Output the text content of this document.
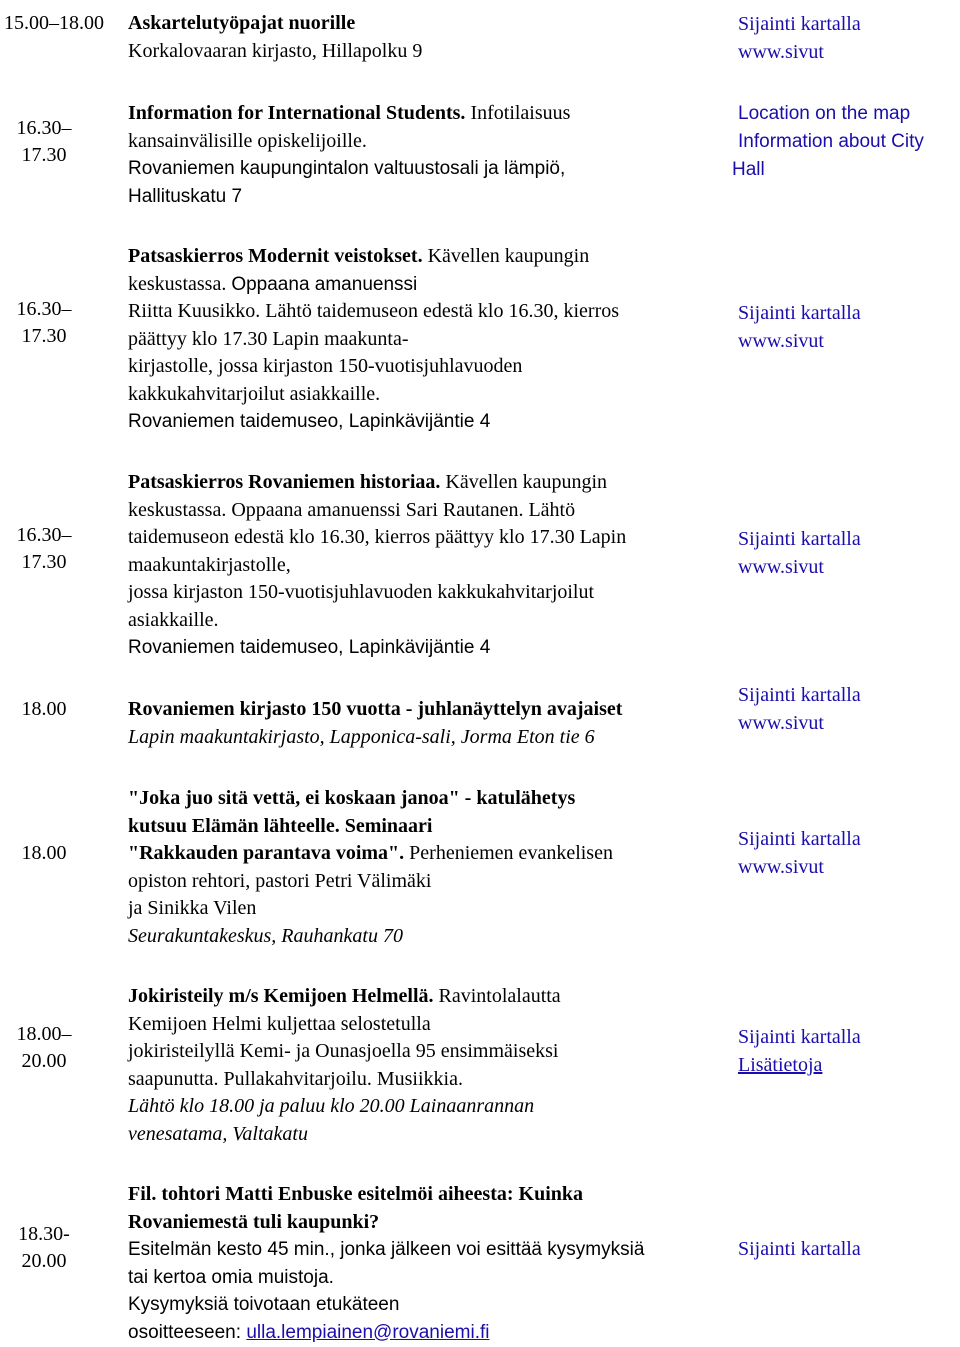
15.00–18.00	Askartelutyöpajat nuorille
Korkalovaaran kirjasto, Hillapolku 9
Sijainti kartalla
www.sivut
16.30–
17.30
Information for International Students. Infotilaisuus
kansainvälisille opiskelijoille.
Rovaniemen kaupungintalon valtuustosali ja lämpiö,
Hallituskatu 7
Location on the map
Information about City
Hall
16.30–
17.30
Patsaskierros Modernit veistokset. Kävellen kaupungin
keskustassa. Oppaana amanuenssi
Riitta Kuusikko. Lähtö taidemuseon edestä klo 16.30, kierros
päättyy klo 17.30 Lapin maakunta-
kirjastolle, jossa kirjaston 150-vuotisjuhlavuoden
kakkukahvitarjoilut asiakkaille.
Rovaniemen taidemuseo, Lapinkävijäntie 4
Sijainti kartalla
www.sivut
16.30–
17.30
Patsaskierros Rovaniemen historiaa. Kävellen kaupungin
keskustassa. Oppaana amanuenssi Sari Rautanen. Lähtö
taidemuseon edestä klo 16.30, kierros päättyy klo 17.30 Lapin
maakuntakirjastolle,
jossa kirjaston 150-vuotisjuhlavuoden kakkukahvitarjoilut
asiakkaille.
Rovaniemen taidemuseo, Lapinkävijäntie 4
Sijainti kartalla
www.sivut
18.00	Rovaniemen kirjasto 150 vuotta - juhlanäyttelyn avajaiset
Lapin maakuntakirjasto, Lapponica-sali, Jorma Eton tie 6
Sijainti kartalla
www.sivut
18.00
"Joka juo sitä vettä, ei koskaan janoa" - katulähetys
kutsuu Elämän lähteelle. Seminaari
"Rakkauden parantava voima". Perheniemen evankelisen
opiston rehtori, pastori Petri Välimäki
ja Sinikka Vilen
Seurakuntakeskus, Rauhankatu 70
Sijainti kartalla
www.sivut
18.00–
20.00
Jokiristeily m/s Kemijoen Helmellä. Ravintolalautta
Kemijoen Helmi kuljettaa selostetulla
jokiristeilyllä Kemi- ja Ounasjoella 95 ensimmäiseksi
saapunutta. Pullakahvitarjoilu. Musiikkia.
Lähtö klo 18.00 ja paluu klo 20.00 Lainaanrannan
venesatama, Valtakatu
Sijainti kartalla
Lisätietoja
18.30-
20.00
Fil. tohtori Matti Enbuske esitelmöi aiheesta: Kuinka
Rovaniemestä tuli kaupunki?
Esitelmän kesto 45 min., jonka jälkeen voi esittää kysymyksiä
tai kertoa omia muistoja.
Kysymyksiä toivotaan etukäteen
osoitteeseen: ulla.lempiainen@rovaniemi.fi
Sijainti kartalla
